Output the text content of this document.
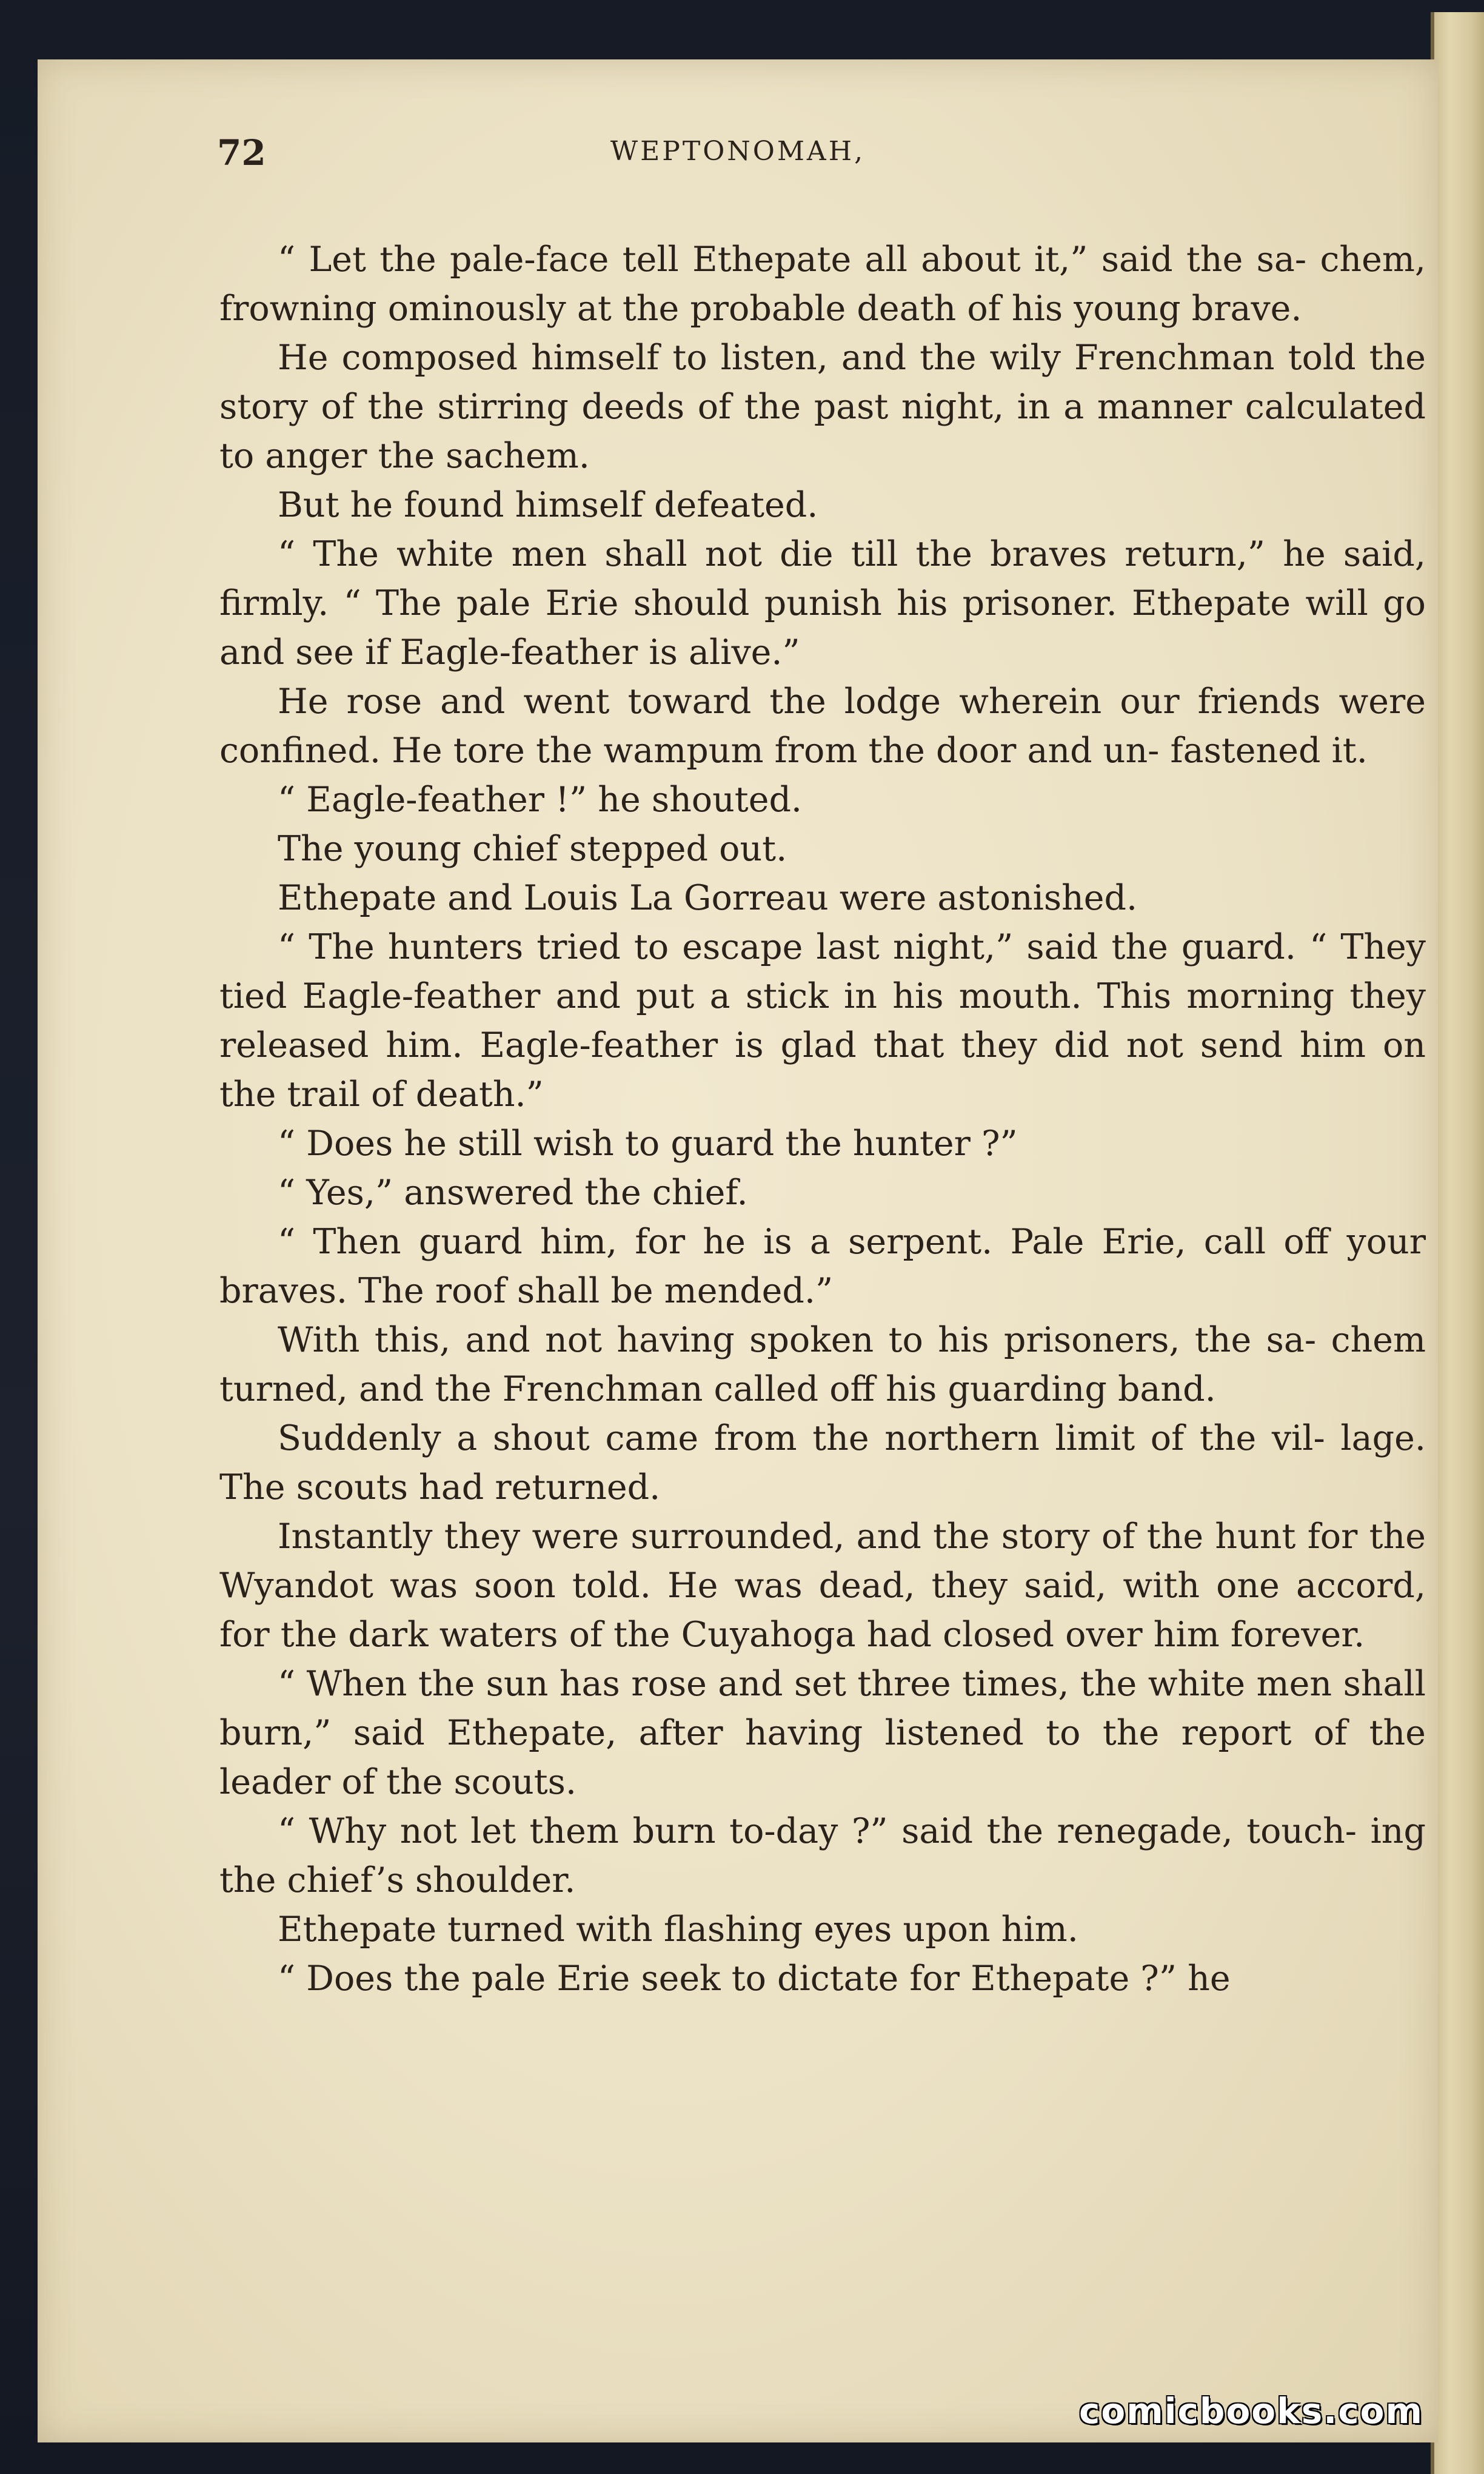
72	WEPTONOMAH,

“ Let the pale-face tell Ethepate all about it,” said the sa- chem, frowning ominously at the probable death of his young brave.

He composed himself to listen, and the wily Frenchman told the story of the stirring deeds of the past night, in a manner calculated to anger the sachem.

But he found himself defeated.

“ The white men shall not die till the braves return,” he said, firmly. “ The pale Erie should punish his prisoner. Ethepate will go and see if Eagle-feather is alive.”

He rose and went toward the lodge wherein our friends were confined. He tore the wampum from the door and un- fastened it.

“ Eagle-feather !” he shouted.

The young chief stepped out.

Ethepate and Louis La Gorreau were astonished.

“ The hunters tried to escape last night,” said the guard. “ They tied Eagle-feather and put a stick in his mouth. This morning they released him. Eagle-feather is glad that they did not send him on the trail of death.”

“ Does he still wish to guard the hunter ?”

“ Yes,” answered the chief.

“ Then guard him, for he is a serpent. Pale Erie, call off your braves. The roof shall be mended.”

With this, and not having spoken to his prisoners, the sa- chem turned, and the Frenchman called off his guarding band.

Suddenly a shout came from the northern limit of the vil- lage. The scouts had returned.

Instantly they were surrounded, and the story of the hunt for the Wyandot was soon told. He was dead, they said, with one accord, for the dark waters of the Cuyahoga had closed over him forever.

“ When the sun has rose and set three times, the white men shall burn,” said Ethepate, after having listened to the report of the leader of the scouts.

“ Why not let them burn to-day ?” said the renegade, touch- ing the chief’s shoulder.

Ethepate turned with flashing eyes upon him.

“ Does the pale Erie seek to dictate for Ethepate ?” he

comicbooks.com
